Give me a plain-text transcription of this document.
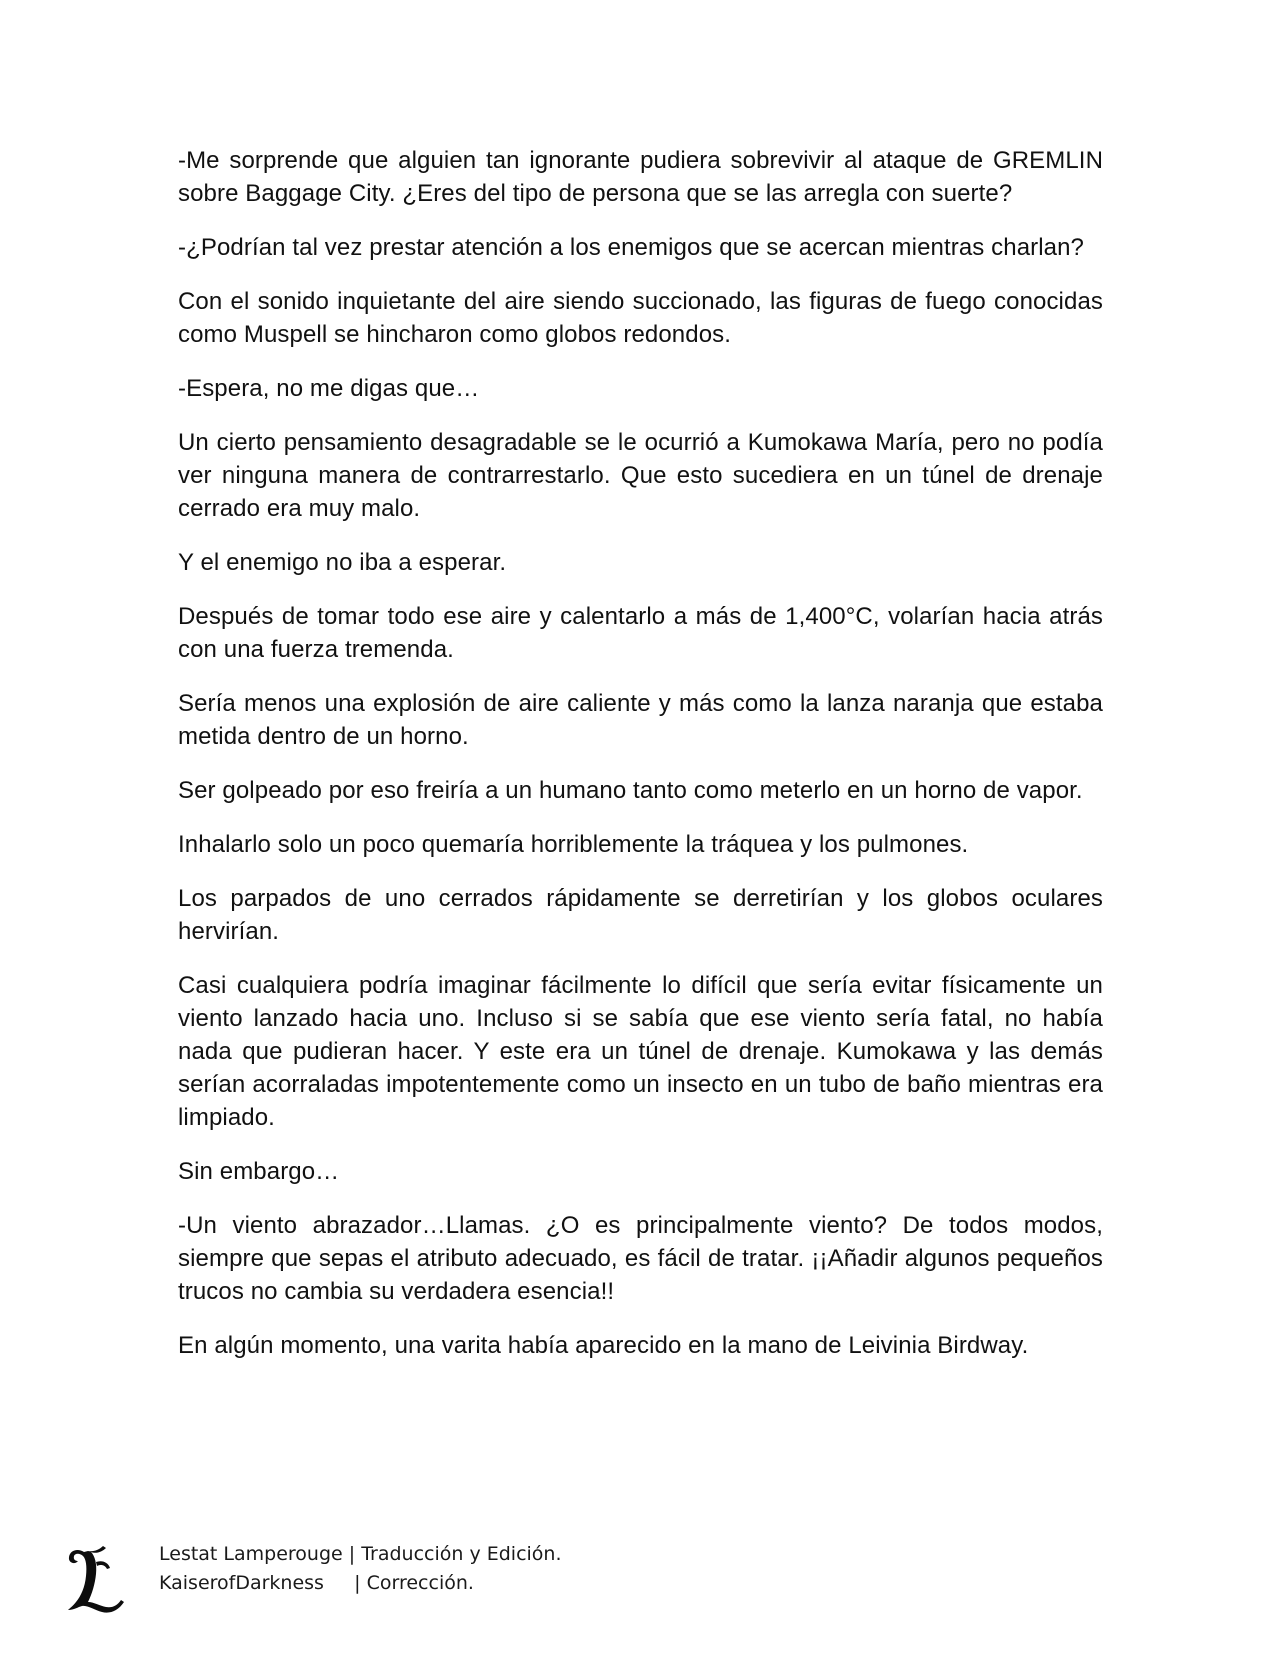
-Me sorprende que alguien tan ignorante pudiera sobrevivir al ataque de GREMLIN sobre Baggage City. ¿Eres del tipo de persona que se las arregla con suerte?

-¿Podrían tal vez prestar atención a los enemigos que se acercan mientras charlan?

Con el sonido inquietante del aire siendo succionado, las figuras de fuego conocidas como Muspell se hincharon como globos redondos.

-Espera, no me digas que…

Un cierto pensamiento desagradable se le ocurrió a Kumokawa María, pero no podía ver ninguna manera de contrarrestarlo. Que esto sucediera en un túnel de drenaje cerrado era muy malo.

Y el enemigo no iba a esperar.

Después de tomar todo ese aire y calentarlo a más de 1,400°C, volarían hacia atrás con una fuerza tremenda.

Sería menos una explosión de aire caliente y más como la lanza naranja que estaba metida dentro de un horno.

Ser golpeado por eso freiría a un humano tanto como meterlo en un horno de vapor.

Inhalarlo solo un poco quemaría horriblemente la tráquea y los pulmones.

Los parpados de uno cerrados rápidamente se derretirían y los globos oculares hervirían.

Casi cualquiera podría imaginar fácilmente lo difícil que sería evitar físicamente un viento lanzado hacia uno. Incluso si se sabía que ese viento sería fatal, no había nada que pudieran hacer. Y este era un túnel de drenaje. Kumokawa y las demás serían acorraladas impotentemente como un insecto en un tubo de baño mientras era limpiado.

Sin embargo…

-Un viento abrazador…Llamas. ¿O es principalmente viento? De todos modos, siempre que sepas el atributo adecuado, es fácil de tratar. ¡¡Añadir algunos pequeños trucos no cambia su verdadera esencia!!

En algún momento, una varita había aparecido en la mano de Leivinia Birdway.

Lestat Lamperouge | Traducción y Edición.
KaiserofDarkness     | Corrección.
